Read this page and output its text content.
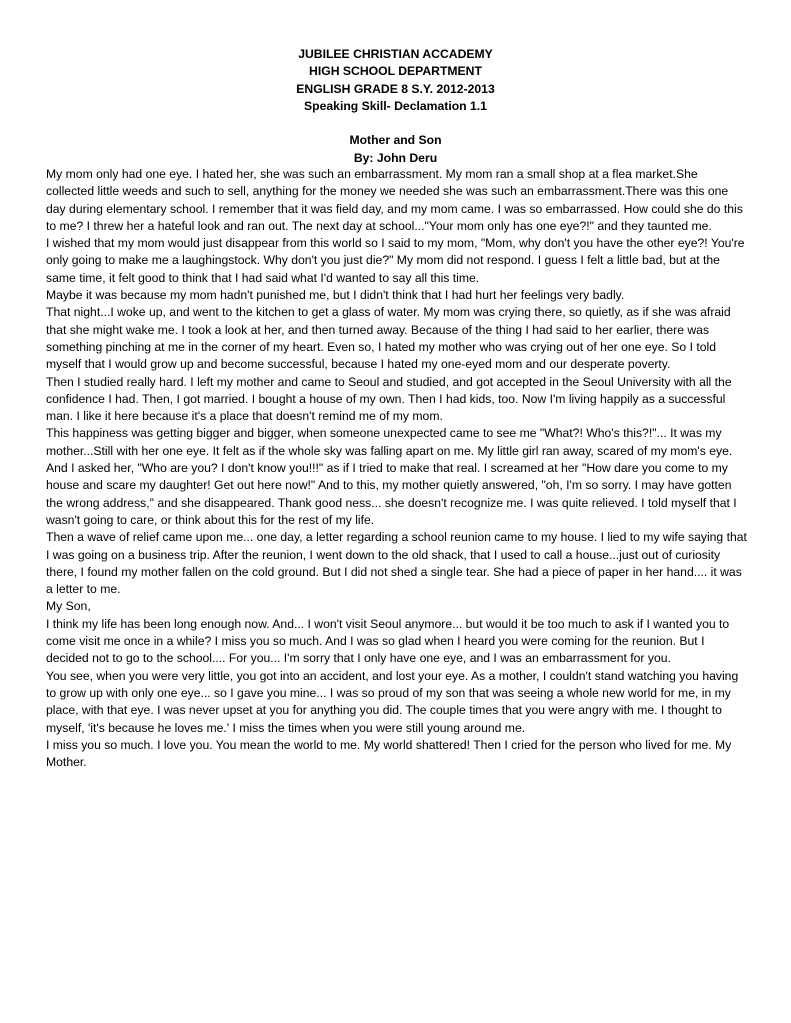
JUBILEE CHRISTIAN ACCADEMY
HIGH SCHOOL DEPARTMENT
ENGLISH GRADE 8 S.Y. 2012-2013
Speaking Skill- Declamation 1.1
Mother and Son
By: John Deru

My mom only had one eye. I hated her, she was such an embarrassment. My mom ran a small shop at a flea market.She collected little weeds and such to sell, anything for the money we needed she was such an embarrassment.There was this one day during elementary school. I remember that it was field day, and my mom came. I was so embarrassed. How could she do this to me? I threw her a hateful look and ran out. The next day at school..."Your mom only has one eye?!" and they taunted me.

I wished that my mom would just disappear from this world so I said to my mom, "Mom, why don't you have the other eye?! You're only going to make me a laughingstock. Why don't you just die?" My mom did not respond. I guess I felt a little bad, but at the same time, it felt good to think that I had said what I'd wanted to say all this time.

Maybe it was because my mom hadn't punished me, but I didn't think that I had hurt her feelings very badly.

That night...I woke up, and went to the kitchen to get a glass of water. My mom was crying there, so quietly, as if she was afraid that she might wake me. I took a look at her, and then turned away. Because of the thing I had said to her earlier, there was something pinching at me in the corner of my heart. Even so, I hated my mother who was crying out of her one eye. So I told myself that I would grow up and become successful, because I hated my one-eyed mom and our desperate poverty.

Then I studied really hard. I left my mother and came to Seoul and studied, and got accepted in the Seoul University with all the confidence I had. Then, I got married. I bought a house of my own. Then I had kids, too. Now I'm living happily as a successful man. I like it here because it's a place that doesn't remind me of my mom.

This happiness was getting bigger and bigger, when someone unexpected came to see me "What?! Who's this?!"... It was my mother...Still with her one eye. It felt as if the whole sky was falling apart on me. My little girl ran away, scared of my mom's eye.

And I asked her, "Who are you? I don't know you!!!" as if I tried to make that real. I screamed at her "How dare you come to my house and scare my daughter! Get out here now!" And to this, my mother quietly answered, "oh, I'm so sorry. I may have gotten the wrong address," and she disappeared. Thank good ness... she doesn't recognize me. I was quite relieved. I told myself that I wasn't going to care, or think about this for the rest of my life.

Then a wave of relief came upon me... one day, a letter regarding a school reunion came to my house. I lied to my wife saying that I was going on a business trip. After the reunion, I went down to the old shack, that I used to call a house...just out of curiosity there, I found my mother fallen on the cold ground. But I did not shed a single tear. She had a piece of paper in her hand.... it was a letter to me.

My Son,

I think my life has been long enough now. And... I won't visit Seoul anymore... but would it be too much to ask if I wanted you to come visit me once in a while? I miss you so much. And I was so glad when I heard you were coming for the reunion. But I decided not to go to the school.... For you... I'm sorry that I only have one eye, and I was an embarrassment for you.

You see, when you were very little, you got into an accident, and lost your eye. As a mother, I couldn't stand watching you having to grow up with only one eye... so I gave you mine... I was so proud of my son that was seeing a whole new world for me, in my place, with that eye. I was never upset at you for anything you did. The couple times that you were angry with me. I thought to myself, 'it's because he loves me.' I miss the times when you were still young around me.

I miss you so much. I love you. You mean the world to me. My world shattered! Then I cried for the person who lived for me. My Mother.
